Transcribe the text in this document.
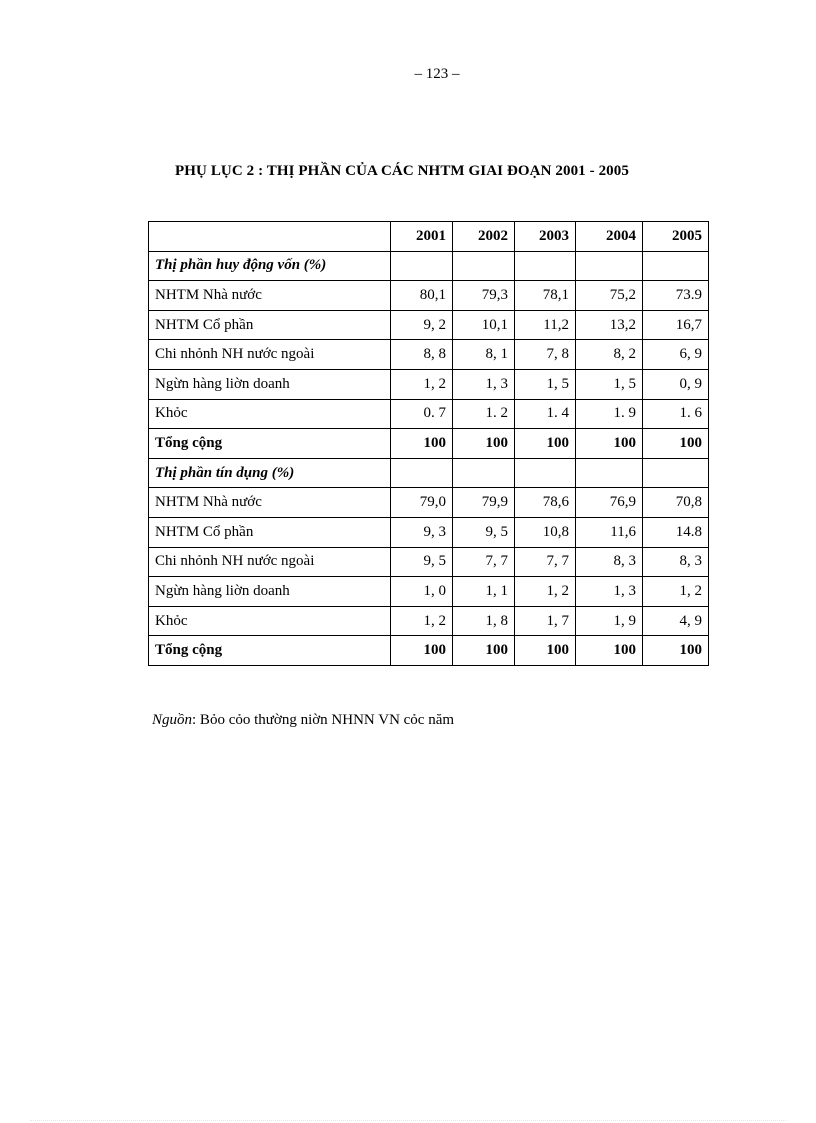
– 123 –
PHỤ LỤC 2 : THỊ PHẦN CỦA CÁC NHTM GIAI ĐOẠN 2001 - 2005
	2001	2002	2003	2004	2005
Thị phần huy động vốn (%)					
NHTM Nhà nước	80,1	79,3	78,1	75,2	73.9
NHTM Cổ phần	9, 2	10,1	11,2	13,2	16,7
Chi nhỏnh NH nước ngoài	8, 8	8, 1	7, 8	8, 2	6, 9
Ngừn hàng liờn doanh	1, 2	1, 3	1, 5	1, 5	0, 9
Khỏc	0. 7	1. 2	1. 4	1. 9	1. 6
Tổng cộng	100	100	100	100	100
Thị phần tín dụng (%)					
NHTM Nhà nước	79,0	79,9	78,6	76,9	70,8
NHTM Cổ phần	9, 3	9, 5	10,8	11,6	14.8
Chi nhỏnh NH nước ngoài	9, 5	7, 7	7, 7	8, 3	8, 3
Ngừn hàng liờn doanh	1, 0	1, 1	1, 2	1, 3	1, 2
Khỏc	1, 2	1, 8	1, 7	1, 9	4, 9
Tổng cộng	100	100	100	100	100
Nguồn: Bỏo cỏo thường niờn NHNN VN cỏc năm
